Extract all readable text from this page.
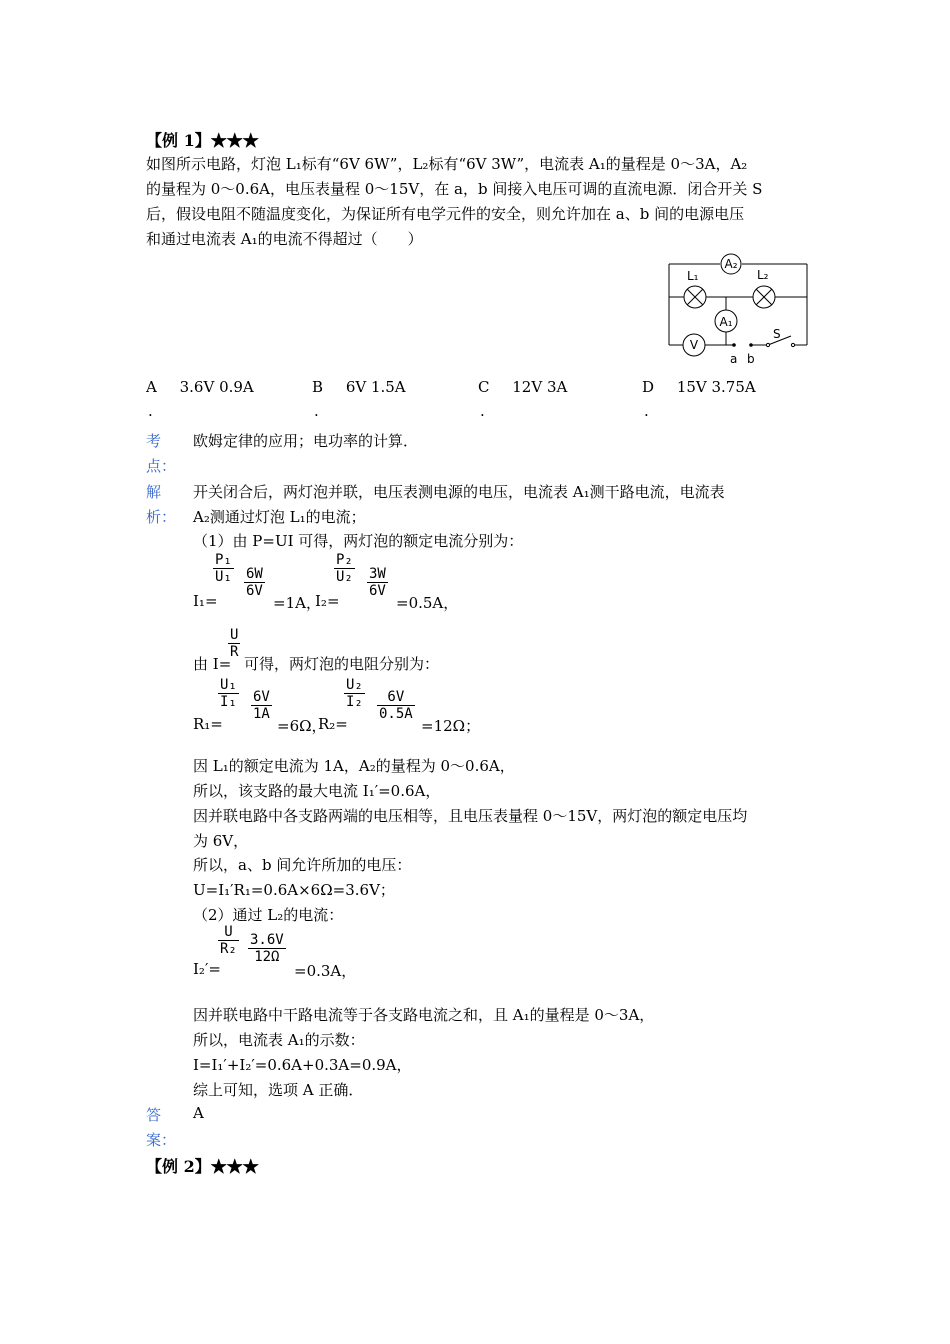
【例 1】★★★
如图所示电路，灯泡 L₁标有“6V 6W”，L₂标有“6V 3W”，电流表 A₁的量程是 0～3A，A₂
的量程为 0～0.6A，电压表量程 0～15V，在 a，b 间接入电压可调的直流电源．闭合开关 S
后，假设电阻不随温度变化，为保证所有电学元件的安全，则允许加在 a、b 间的电源电压
和通过电流表 A₁的电流不得超过（　　）
A₂
A₁
V
L₁	L₂
a b
S
A 3.6V 0.9A
.
B 6V 1.5A
.
C 12V 3A
.
D 15V 3.75A
.
考
点：
欧姆定律的应用；电功率的计算．
解
析：
开关闭合后，两灯泡并联，电压表测电源的电压，电流表 A₁测干路电流，电流表
A₂测通过灯泡 L₁的电流；
（1）由 P=UI 可得，两灯泡的额定电流分别为：
I₁=
$\frac{\text{P₁}}{\text{U₁}} \frac{6W}{6V}$
=1A，
I₂=
$\frac{\text{P₂}}{\text{U₂}} \frac{3W}{6V}$
=0.5A，
由 I=
$\frac{U}{R}$
可得，两灯泡的电阻分别为：
R₁=
$\frac{\text{U₁}}{\text{I₁}} \frac{6V}{1A}$
=6Ω，
R₂=
$\frac{\text{U₂}}{\text{I₂}} \frac{6V}{0.5A}$
=12Ω；
因 L₁的额定电流为 1A，A₂的量程为 0～0.6A，
所以，该支路的最大电流 I₁′=0.6A，
因并联电路中各支路两端的电压相等，且电压表量程 0～15V，两灯泡的额定电压均
为 6V，
所以，a、b 间允许所加的电压：
U=I₁′R₁=0.6A×6Ω=3.6V；
（2）通过 L₂的电流：
I₂′=
$\frac{U}{\text{R₂}} \frac{3.6V}{12\Omega}$
=0.3A，
因并联电路中干路电流等于各支路电流之和，且 A₁的量程是 0～3A，
所以，电流表 A₁的示数：
I=I₁′+I₂′=0.6A+0.3A=0.9A，
综上可知，选项 A 正确．
答
案：
A
【例 2】★★★
